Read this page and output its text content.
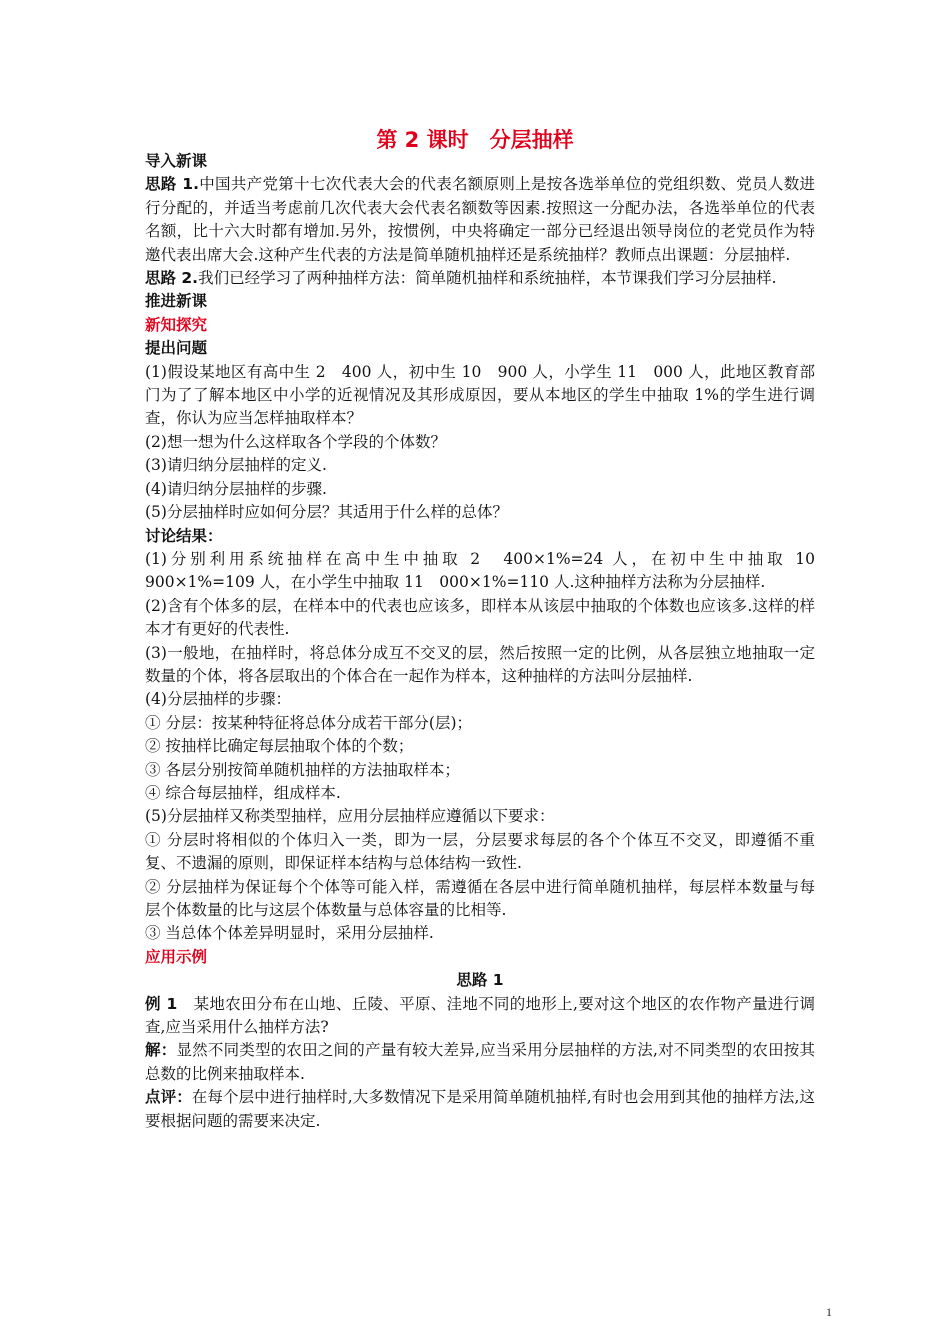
第 2 课时　分层抽样

导入新课

思路 1.中国共产党第十七次代表大会的代表名额原则上是按各选举单位的党组织数、党员人数进行分配的，并适当考虑前几次代表大会代表名额数等因素.按照这一分配办法，各选举单位的代表名额，比十六大时都有增加.另外，按惯例，中央将确定一部分已经退出领导岗位的老党员作为特邀代表出席大会.这种产生代表的方法是简单随机抽样还是系统抽样？教师点出课题：分层抽样.

思路 2.我们已经学习了两种抽样方法：简单随机抽样和系统抽样，本节课我们学习分层抽样.

推进新课

新知探究

提出问题

(1)假设某地区有高中生 2　400 人，初中生 10　900 人，小学生 11　000 人，此地区教育部门为了了解本地区中小学的近视情况及其形成原因，要从本地区的学生中抽取 1%的学生进行调查，你认为应当怎样抽取样本？

(2)想一想为什么这样取各个学段的个体数？

(3)请归纳分层抽样的定义.

(4)请归纳分层抽样的步骤.

(5)分层抽样时应如何分层？其适用于什么样的总体？

讨论结果：

(1)分别利用系统抽样在高中生中抽取 2　400×1%=24 人，在初中生中抽取 10　900×1%=109 人，在小学生中抽取 11　000×1%=110 人.这种抽样方法称为分层抽样.

(2)含有个体多的层，在样本中的代表也应该多，即样本从该层中抽取的个体数也应该多.这样的样本才有更好的代表性.

(3)一般地，在抽样时，将总体分成互不交叉的层，然后按照一定的比例，从各层独立地抽取一定数量的个体，将各层取出的个体合在一起作为样本，这种抽样的方法叫分层抽样.

(4)分层抽样的步骤：

① 分层：按某种特征将总体分成若干部分(层)；

② 按抽样比确定每层抽取个体的个数；

③ 各层分别按简单随机抽样的方法抽取样本；

④ 综合每层抽样，组成样本.

(5)分层抽样又称类型抽样，应用分层抽样应遵循以下要求：

① 分层时将相似的个体归入一类，即为一层，分层要求每层的各个个体互不交叉，即遵循不重复、不遗漏的原则，即保证样本结构与总体结构一致性.

② 分层抽样为保证每个个体等可能入样，需遵循在各层中进行简单随机抽样，每层样本数量与每层个体数量的比与这层个体数量与总体容量的比相等.

③ 当总体个体差异明显时，采用分层抽样.

应用示例

思路 1

例 1 某地农田分布在山地、丘陵、平原、洼地不同的地形上,要对这个地区的农作物产量进行调查,应当采用什么抽样方法?

解：显然不同类型的农田之间的产量有较大差异,应当采用分层抽样的方法,对不同类型的农田按其总数的比例来抽取样本.

点评：在每个层中进行抽样时,大多数情况下是采用简单随机抽样,有时也会用到其他的抽样方法,这要根据问题的需要来决定.

1
